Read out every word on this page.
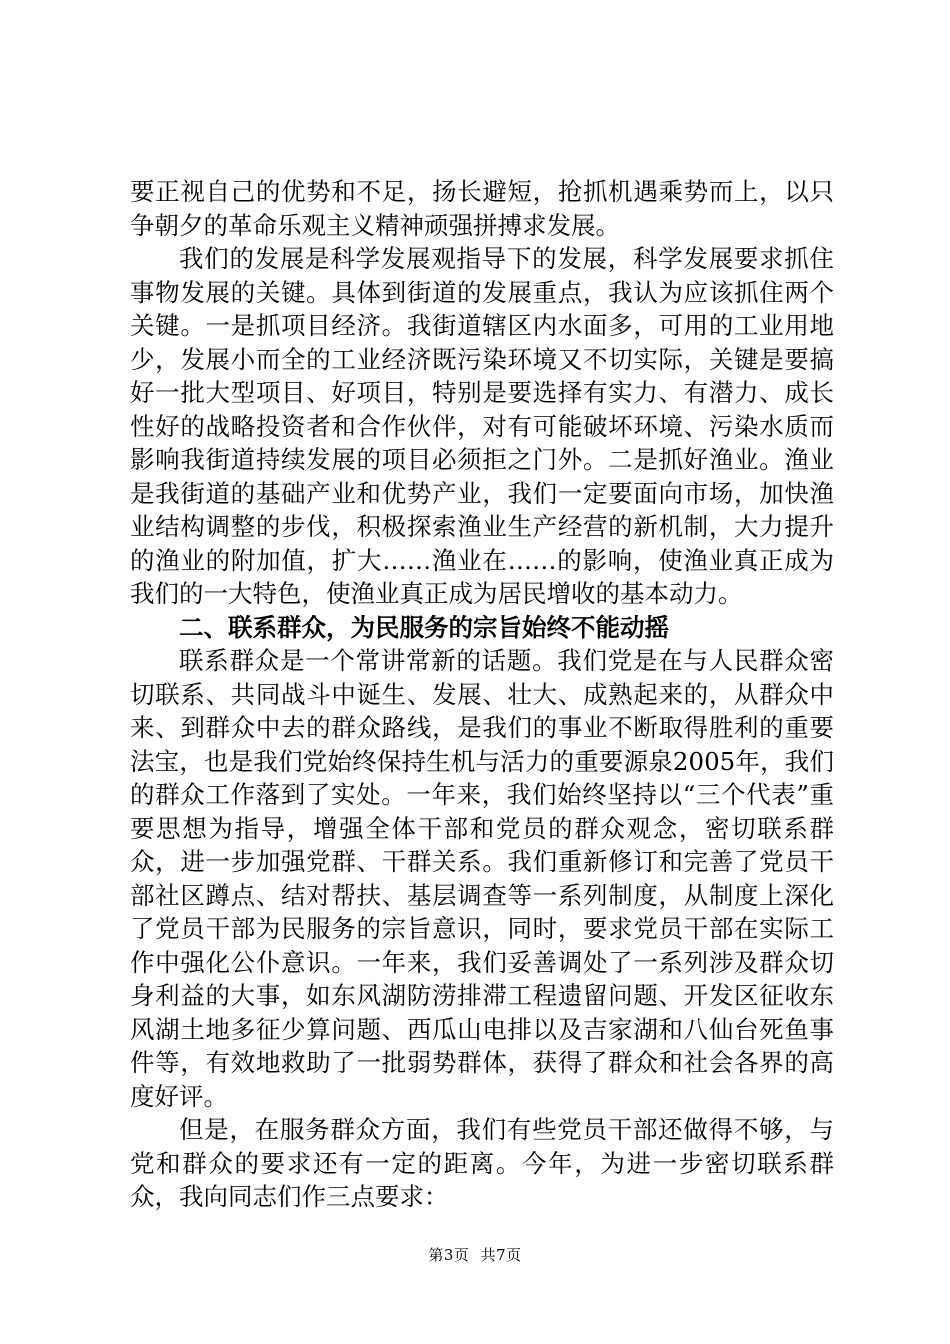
要正视自己的优势和不足，扬长避短，抢抓机遇乘势而上，以只争朝夕的革命乐观主义精神顽强拼搏求发展。

我们的发展是科学发展观指导下的发展，科学发展要求抓住事物发展的关键。具体到街道的发展重点，我认为应该抓住两个关键。一是抓项目经济。我街道辖区内水面多，可用的工业用地少，发展小而全的工业经济既污染环境又不切实际，关键是要搞好一批大型项目、好项目，特别是要选择有实力、有潜力、成长性好的战略投资者和合作伙伴，对有可能破坏环境、污染水质而影响我街道持续发展的项目必须拒之门外。二是抓好渔业。渔业是我街道的基础产业和优势产业，我们一定要面向市场，加快渔业结构调整的步伐，积极探索渔业生产经营的新机制，大力提升的渔业的附加值，扩大……渔业在……的影响，使渔业真正成为我们的一大特色，使渔业真正成为居民增收的基本动力。

二、联系群众，为民服务的宗旨始终不能动摇

联系群众是一个常讲常新的话题。我们党是在与人民群众密切联系、共同战斗中诞生、发展、壮大、成熟起来的，从群众中来、到群众中去的群众路线，是我们的事业不断取得胜利的重要法宝，也是我们党始终保持生机与活力的重要源泉2005年，我们的群众工作落到了实处。一年来，我们始终坚持以“三个代表”重要思想为指导，增强全体干部和党员的群众观念，密切联系群众，进一步加强党群、干群关系。我们重新修订和完善了党员干部社区蹲点、结对帮扶、基层调查等一系列制度，从制度上深化了党员干部为民服务的宗旨意识，同时，要求党员干部在实际工作中强化公仆意识。一年来，我们妥善调处了一系列涉及群众切身利益的大事，如东风湖防涝排滞工程遗留问题、开发区征收东风湖土地多征少算问题、西瓜山电排以及吉家湖和八仙台死鱼事件等，有效地救助了一批弱势群体，获得了群众和社会各界的高度好评。

但是，在服务群众方面，我们有些党员干部还做得不够，与党和群众的要求还有一定的距离。今年，为进一步密切联系群众，我向同志们作三点要求：

第3页 共7页
